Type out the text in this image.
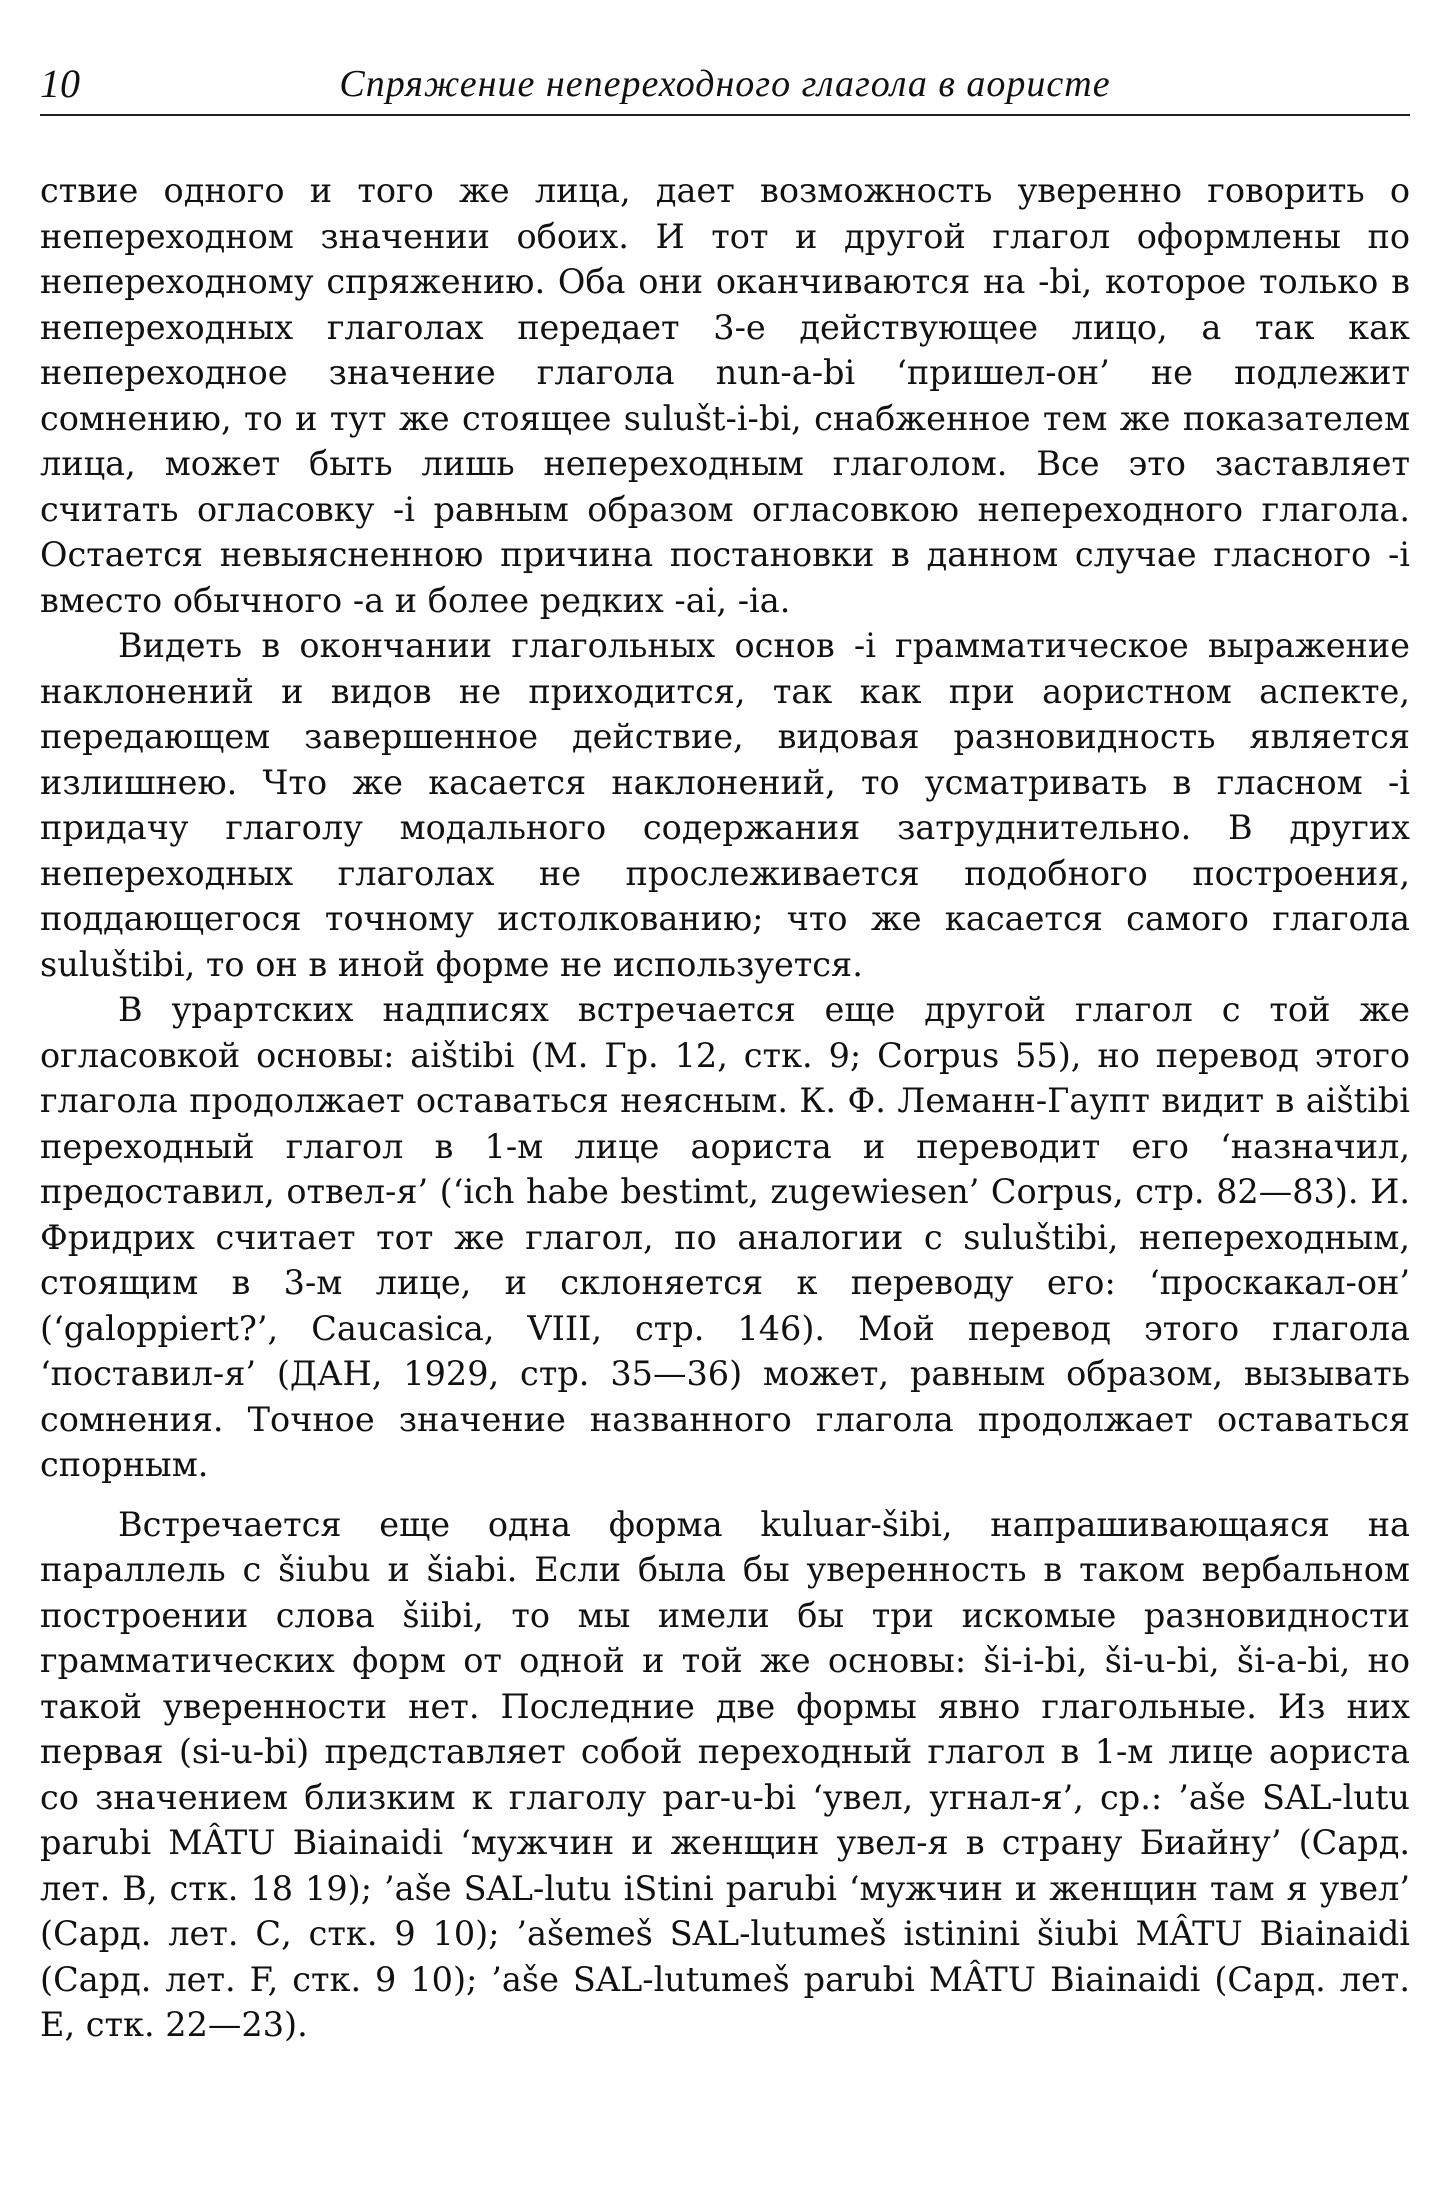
10	Спряжение непереходного глагола в аористе

ствие одного и того же лица, дает возможность уверенно говорить о непереходном значении обоих. И тот и другой глагол оформлены по непереходному спряжению. Оба они оканчиваются на -bi, которое только в непереходных глаголах передает 3-е действующее лицо, а так как непереходное значение глагола nun-a-bi ‘пришел-он’ не подлежит сомнению, то и тут же стоящее sulušt-i-bi, снабженное тем же показателем лица, может быть лишь непереходным глаголом. Все это заставляет считать огласовку -i равным образом огласовкою непереходного глагола. Остается невыясненною причина постановки в данном случае гласного -i вместо обычного -a и более редких -ai, -ia.

Видеть в окончании глагольных основ -i грамматическое выражение наклонений и видов не приходится, так как при аористном аспекте, передающем завершенное действие, видовая разновидность является излишнею. Что же касается наклонений, то усматривать в гласном -i придачу глаголу модального содержания затруднительно. В других непереходных глаголах не прослеживается подобного построения, поддающегося точному истолкованию; что же касается самого глагола suluštibi, то он в иной форме не используется.

В урартских надписях встречается еще другой глагол с той же огласовкой основы: aištibi (М. Гр. 12, стк. 9; Corpus 55), но перевод этого глагола продолжает оставаться неясным. К. Ф. Леманн-Гаупт видит в aištibi переходный глагол в 1-м лице аориста и переводит его ‘назначил, предоставил, отвел-я’ (‘ich habe bestimt, zugewiesen’ Corpus, стр. 82—83). И. Фридрих считает тот же глагол, по аналогии с suluštibi, непереходным, стоящим в 3-м лице, и склоняется к переводу его: ‘проскакал-он’ (‘galoppiert?’, Caucasica, VIII, стр. 146). Мой перевод этого глагола ‘поставил-я’ (ДАН, 1929, стр. 35—36) может, равным образом, вызывать сомнения. Точное значение названного глагола продолжает оставаться спорным.

Встречается еще одна форма kuluar-šibi, напрашивающаяся на параллель с šiubu и šiabi. Если была бы уверенность в таком вербальном построении слова šiibi, то мы имели бы три искомые разновидности грамматических форм от одной и той же основы: ši-i-bi, ši-u-bi, ši-a-bi, но такой уверенности нет. Последние две формы явно глагольные. Из них первая (si-u-bi) представляет собой переходный глагол в 1-м лице аориста со значением близким к глаголу par-u-bi ‘увел, угнал-я’, ср.: ’aše SAL-lutu parubi MÂTU Biainaidi ‘мужчин и женщин увел-я в страну Биайну’ (Сард. лет. В, стк. 18 19); ’aše SAL-lutu iStini parubi ‘мужчин и женщин там я увел’ (Сард. лет. С, стк. 9 10); ’ašemeš SAL-lutumeš istinini šiubi MÂTU Biainaidi (Сард. лет. F, стк. 9 10); ’aše SAL-lutumeš parubi MÂTU Biainaidi (Сард. лет. E, стк. 22—23).
